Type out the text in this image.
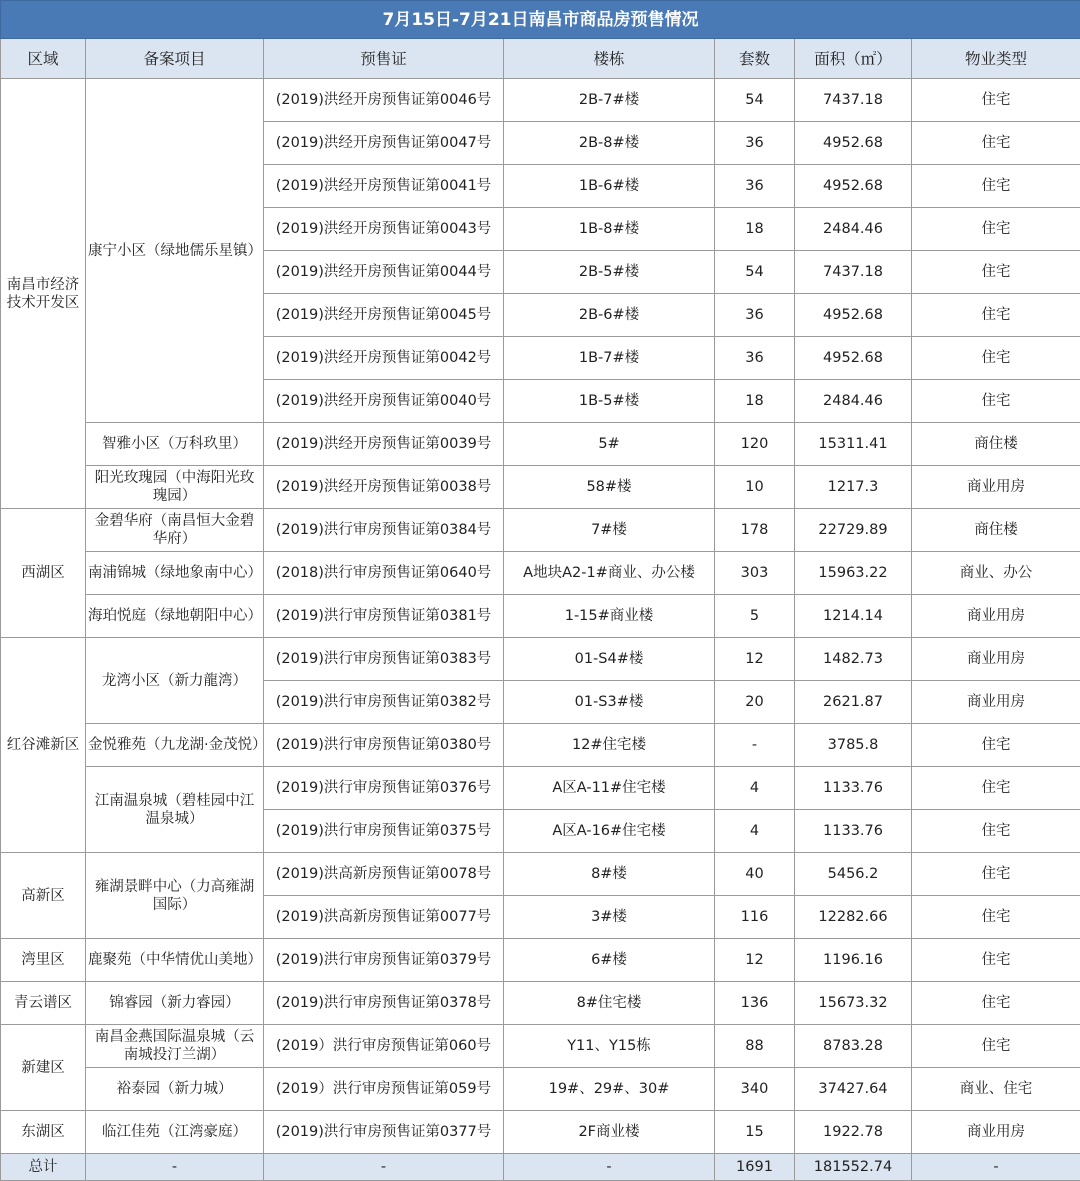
7月15日-7月21日南昌市商品房预售情况						
区域	备案项目	预售证	楼栋	套数	面积（㎡）	物业类型
南昌市经济技术开发区	康宁小区（绿地儒乐星镇）	(2019)洪经开房预售证第0046号	2B-7#楼	54	7437.18	住宅
		(2019)洪经开房预售证第0047号	2B-8#楼	36	4952.68	住宅
		(2019)洪经开房预售证第0041号	1B-6#楼	36	4952.68	住宅
		(2019)洪经开房预售证第0043号	1B-8#楼	18	2484.46	住宅
		(2019)洪经开房预售证第0044号	2B-5#楼	54	7437.18	住宅
		(2019)洪经开房预售证第0045号	2B-6#楼	36	4952.68	住宅
		(2019)洪经开房预售证第0042号	1B-7#楼	36	4952.68	住宅
		(2019)洪经开房预售证第0040号	1B-5#楼	18	2484.46	住宅
	智雅小区（万科玖里）	(2019)洪经开房预售证第0039号	5#	120	15311.41	商住楼
	阳光玫瑰园（中海阳光玫瑰园）	(2019)洪经开房预售证第0038号	58#楼	10	1217.3	商业用房
西湖区	金碧华府（南昌恒大金碧华府）	(2019)洪行审房预售证第0384号	7#楼	178	22729.89	商住楼
	南浦锦城（绿地象南中心）	(2018)洪行审房预售证第0640号	A地块A2-1#商业、办公楼	303	15963.22	商业、办公
	海珀悦庭（绿地朝阳中心）	(2019)洪行审房预售证第0381号	1-15#商业楼	5	1214.14	商业用房
红谷滩新区	龙湾小区（新力龍湾）	(2019)洪行审房预售证第0383号	01-S4#楼	12	1482.73	商业用房
		(2019)洪行审房预售证第0382号	01-S3#楼	20	2621.87	商业用房
	金悦雅苑（九龙湖·金茂悦）	(2019)洪行审房预售证第0380号	12#住宅楼	-	3785.8	住宅
	江南温泉城（碧桂园中江温泉城）	(2019)洪行审房预售证第0376号	A区A-11#住宅楼	4	1133.76	住宅
		(2019)洪行审房预售证第0375号	A区A-16#住宅楼	4	1133.76	住宅
高新区	雍湖景畔中心（力高雍湖国际）	(2019)洪高新房预售证第0078号	8#楼	40	5456.2	住宅
		(2019)洪高新房预售证第0077号	3#楼	116	12282.66	住宅
湾里区	鹿聚苑（中华情优山美地）	(2019)洪行审房预售证第0379号	6#楼	12	1196.16	住宅
青云谱区	锦睿园（新力睿园）	(2019)洪行审房预售证第0378号	8#住宅楼	136	15673.32	住宅
新建区	南昌金燕国际温泉城（云南城投汀兰湖）	(2019）洪行审房预售证第060号	Y11、Y15栋	88	8783.28	住宅
	裕泰园（新力城）	(2019）洪行审房预售证第059号	19#、29#、30#	340	37427.64	商业、住宅
东湖区	临江佳苑（江湾豪庭）	(2019)洪行审房预售证第0377号	2F商业楼	15	1922.78	商业用房
总计	-	-	-	1691	181552.74	-
